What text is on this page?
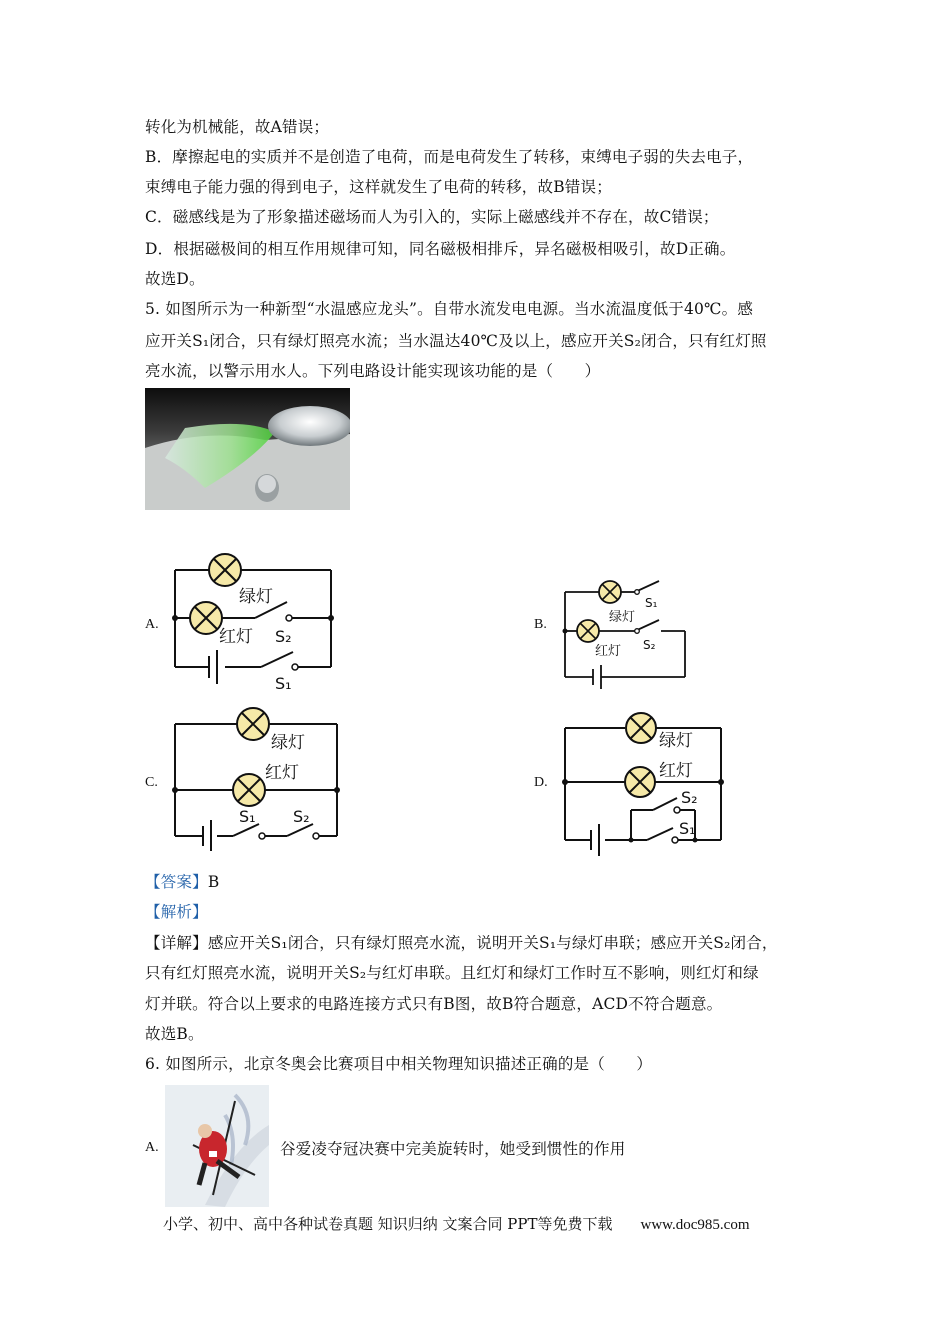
转化为机械能，故A错误；
B．摩擦起电的实质并不是创造了电荷，而是电荷发生了转移，束缚电子弱的失去电子，
束缚电子能力强的得到电子，这样就发生了电荷的转移，故B错误；
C．磁感线是为了形象描述磁场而人为引入的，实际上磁感线并不存在，故C错误；
D．根据磁极间的相互作用规律可知，同名磁极相排斥，异名磁极相吸引，故D正确。
故选D。
5. 如图所示为一种新型“水温感应龙头”。自带水流发电电源。当水流温度低于40℃。感
应开关S₁闭合，只有绿灯照亮水流；当水温达40℃及以上，感应开关S₂闭合，只有红灯照
亮水流，以警示用水人。下列电路设计能实现该功能的是（　　）
A.	B.
C.	D.
绿灯
红灯 S₂
S₁
绿灯
红灯
S₁
S₂
绿灯
红灯
S₁ S₂
绿灯
红灯
S₂
S₁
【答案】B
【解析】
【详解】感应开关S₁闭合，只有绿灯照亮水流，说明开关S₁与绿灯串联；感应开关S₂闭合，
只有红灯照亮水流，说明开关S₂与红灯串联。且红灯和绿灯工作时互不影响，则红灯和绿
灯并联。符合以上要求的电路连接方式只有B图，故B符合题意，ACD不符合题意。
故选B。
6. 如图所示，北京冬奥会比赛项目中相关物理知识描述正确的是（　　）
A.	谷爱凌夺冠决赛中完美旋转时，她受到惯性的作用
小学、初中、高中各种试卷真题 知识归纳 文案合同 PPT等免费下载 www.doc985.com
